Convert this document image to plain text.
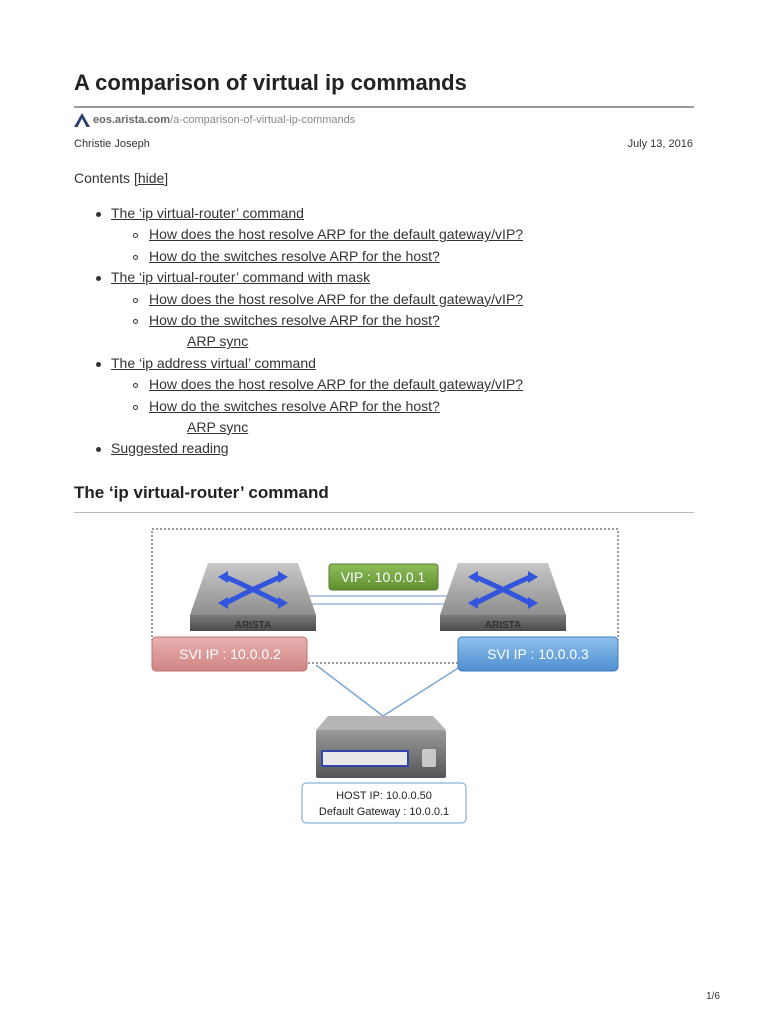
A comparison of virtual ip commands
eos.arista.com /a-comparison-of-virtual-ip-commands
Christie Joseph	July 13, 2016
Contents [hide]
The ‘ip virtual-router’ command
How does the host resolve ARP for the default gateway/vIP?
How do the switches resolve ARP for the host?
The ‘ip virtual-router’ command with mask
How does the host resolve ARP for the default gateway/vIP?
How do the switches resolve ARP for the host?
ARP sync
The ‘ip address virtual’ command
How does the host resolve ARP for the default gateway/vIP?
How do the switches resolve ARP for the host?
ARP sync
Suggested reading
The ‘ip virtual-router’ command
ARISTA	ARISTA
VIP : 10.0.0.1
SVI IP : 10.0.0.2	SVI IP : 10.0.0.3
HOST IP: 10.0.0.50
Default Gateway : 10.0.0.1
1/6
